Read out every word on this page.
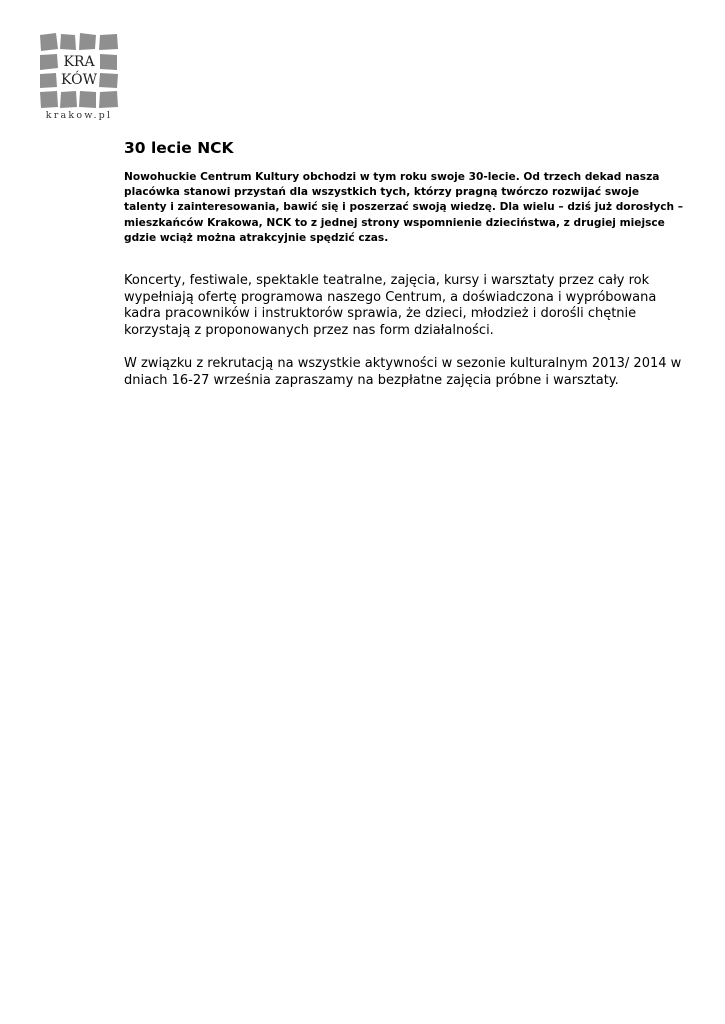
KRA
KÓW
krakow.pl
30 lecie NCK

Nowohuckie Centrum Kultury obchodzi w tym roku swoje 30-lecie. Od trzech dekad nasza
placówka stanowi przystań dla wszystkich tych, którzy pragną twórczo rozwijać swoje
talenty i zainteresowania, bawić się i poszerzać swoją wiedzę. Dla wielu – dziś już dorosłych –
mieszkańców Krakowa, NCK to z jednej strony wspomnienie dzieciństwa, z drugiej miejsce
gdzie wciąż można atrakcyjnie spędzić czas.

Koncerty, festiwale, spektakle teatralne, zajęcia, kursy i warsztaty przez cały rok
wypełniają ofertę programowa naszego Centrum, a doświadczona i wypróbowana
kadra pracowników i instruktorów sprawia, że dzieci, młodzież i dorośli chętnie
korzystają z proponowanych przez nas form działalności.

W związku z rekrutacją na wszystkie aktywności w sezonie kulturalnym 2013/ 2014 w
dniach 16-27 września zapraszamy na bezpłatne zajęcia próbne i warsztaty.
